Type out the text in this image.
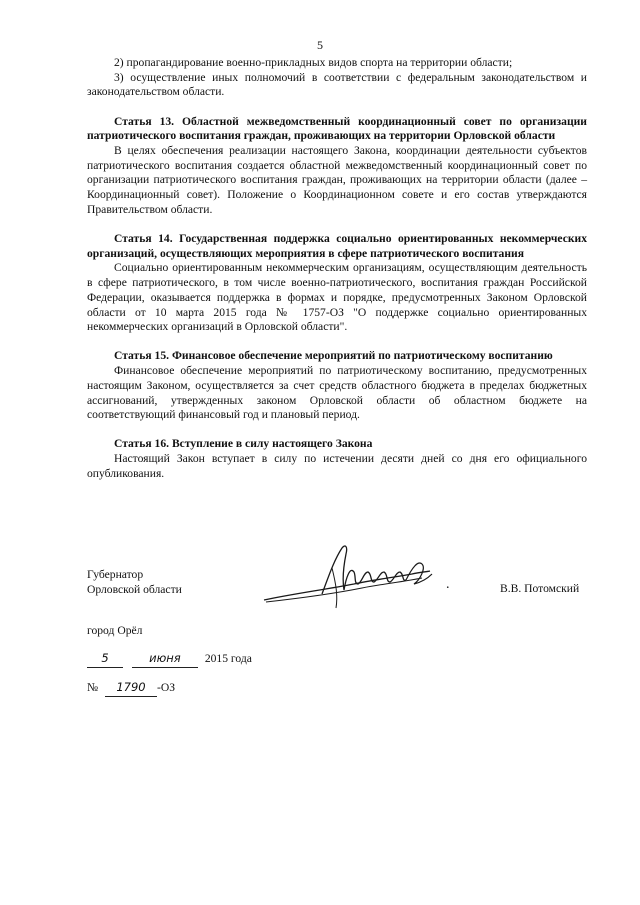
5

2) пропагандирование военно-прикладных видов спорта на территории области;

3) осуществление иных полномочий в соответствии с федеральным законодательством и законодательством области.

Статья 13. Областной межведомственный координационный совет по организации патриотического воспитания граждан, проживающих на территории Орловской области

В целях обеспечения реализации настоящего Закона, координации деятельности субъектов патриотического воспитания создается областной межведомственный координационный совет по организации патриотического воспитания граждан, проживающих на территории области (далее – Координационный совет). Положение о Координационном совете и его состав утверждаются Правительством области.

Статья 14. Государственная поддержка социально ориентированных некоммерческих организаций, осуществляющих мероприятия в сфере патриотического воспитания

Социально ориентированным некоммерческим организациям, осуществляющим деятельность в сфере патриотического, в том числе военно-патриотического, воспитания граждан Российской Федерации, оказывается поддержка в формах и порядке, предусмотренных Законом Орловской области от 10 марта 2015 года № 1757-ОЗ "О поддержке социально ориентированных некоммерческих организаций в Орловской области".

Статья 15. Финансовое обеспечение мероприятий по патриотическому воспитанию

Финансовое обеспечение мероприятий по патриотическому воспитанию, предусмотренных настоящим Законом, осуществляется за счет средств областного бюджета в пределах бюджетных ассигнований, утвержденных законом Орловской области об областном бюджете на соответствующий финансовый год и плановый период.

Статья 16. Вступление в силу настоящего Закона

Настоящий Закон вступает в силу по истечении десяти дней со дня его официального опубликования.

Губернатор
Орловской области	.	В.В. Потомский
город Орёл
5	июня 2015 года
№ 1790 -ОЗ
